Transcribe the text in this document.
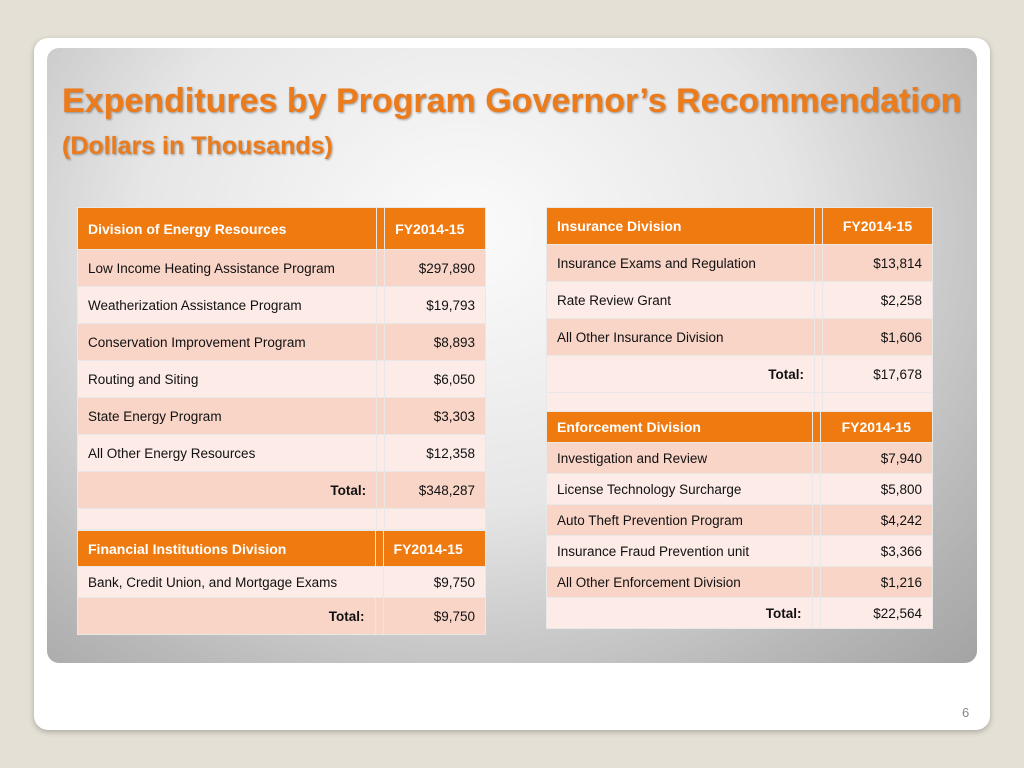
Expenditures by Program Governor’s Recommendation (Dollars in Thousands)
Division of Energy Resources		FY2014-15
Low Income Heating Assistance Program		$297,890
Weatherization Assistance Program		$19,793
Conservation Improvement Program		$8,893
Routing and Siting		$6,050
State Energy Program		$3,303
All Other Energy Resources		$12,358
Total:		$348,287

Financial Institutions Division		FY2014-15
Bank, Credit Union, and Mortgage Exams		$9,750
Total:		$9,750
Insurance Division		FY2014-15
Insurance Exams and Regulation		$13,814
Rate Review Grant		$2,258
All Other Insurance Division		$1,606
Total:		$17,678

Enforcement Division		FY2014-15
Investigation and Review		$7,940
License Technology Surcharge		$5,800
Auto Theft Prevention Program		$4,242
Insurance Fraud Prevention unit		$3,366
All Other Enforcement Division		$1,216
Total:		$22,564
6
